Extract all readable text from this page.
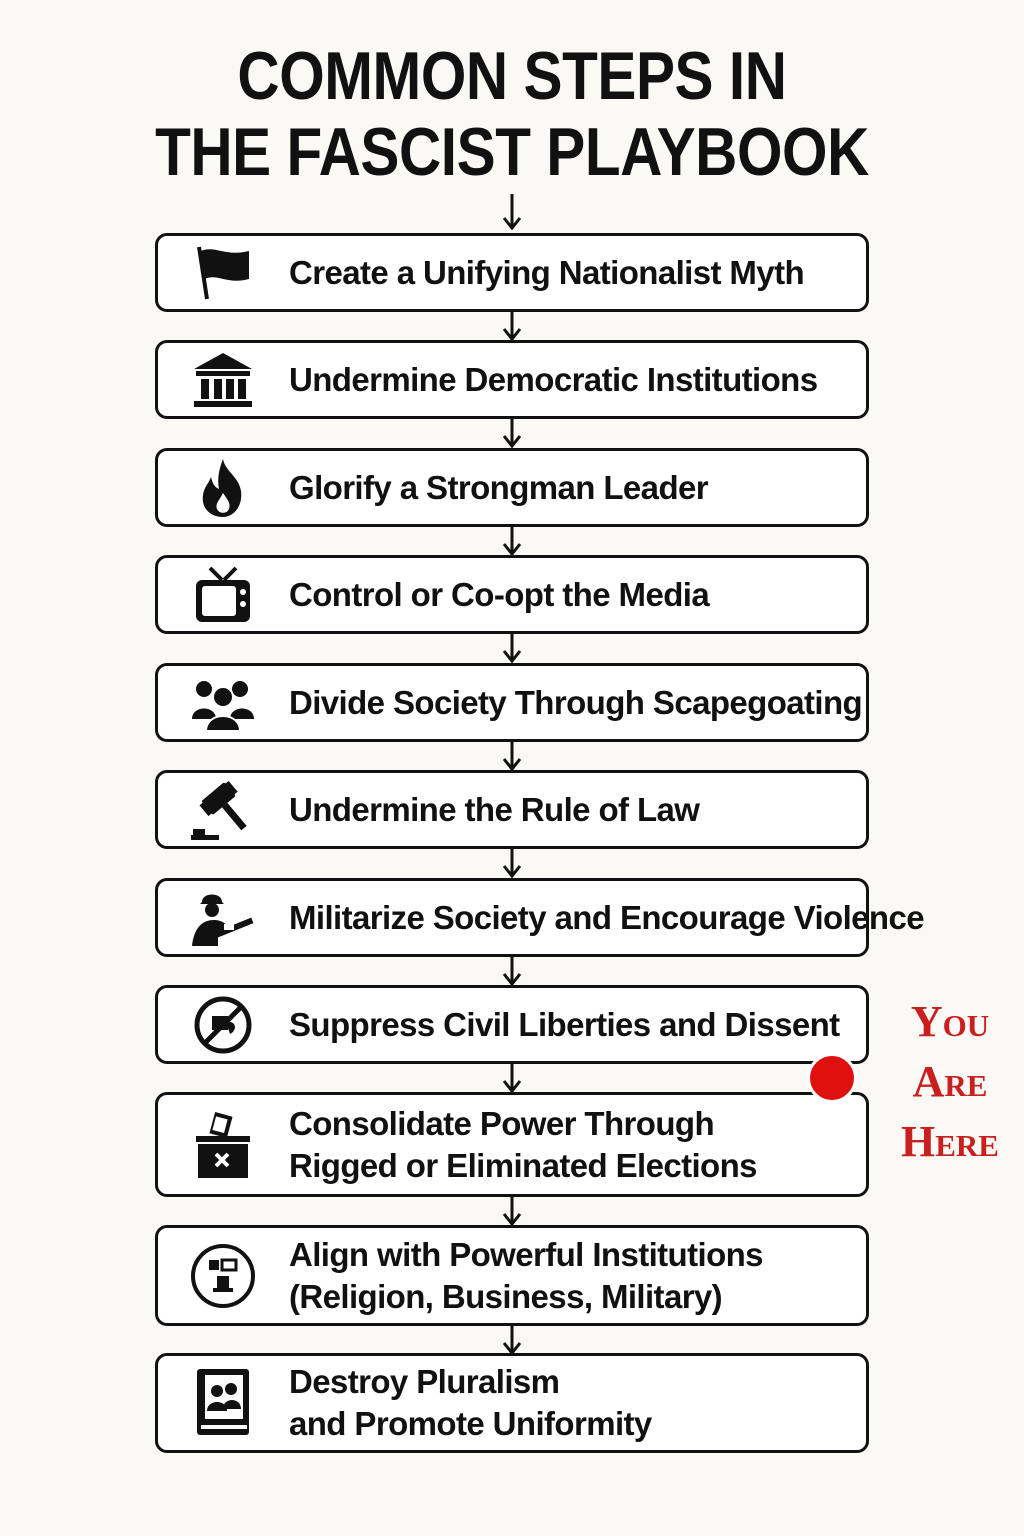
COMMON STEPS IN
THE FASCIST PLAYBOOK
Create a Unifying Nationalist Myth
Undermine Democratic Institutions
Glorify a Strongman Leader
Control or Co-opt the Media
Divide Society Through Scapegoating
Undermine the Rule of Law
Militarize Society and Encourage Violence
Suppress Civil Liberties and Dissent
Consolidate Power Through
Rigged or Eliminated Elections
Align with Powerful Institutions
(Religion, Business, Military)
Destroy Pluralism
and Promote Uniformity
You
Are
Here
